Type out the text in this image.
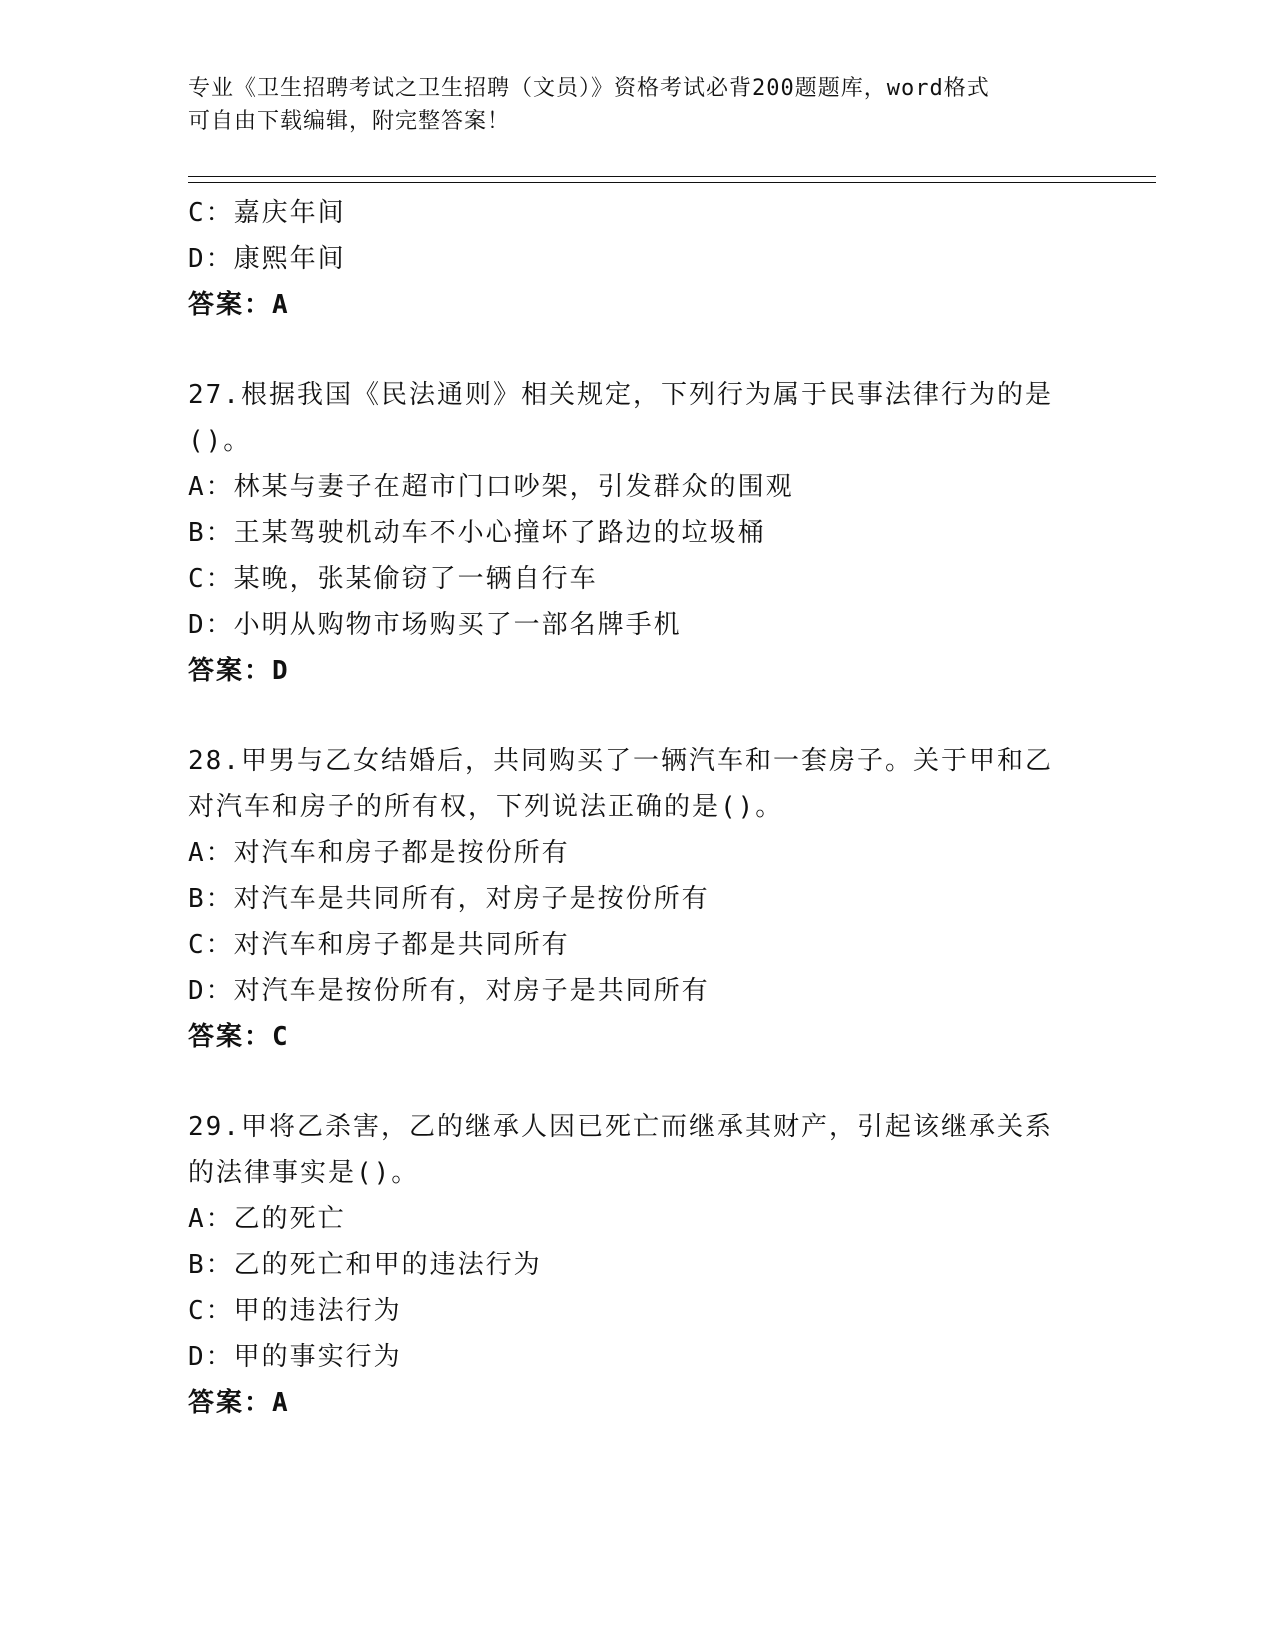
专业《卫生招聘考试之卫生招聘（文员）》资格考试必背200题题库，word格式
可自由下载编辑，附完整答案！
C：嘉庆年间
D：康熙年间
答案：A
27.根据我国《民法通则》相关规定，下列行为属于民事法律行为的是
()。
A：林某与妻子在超市门口吵架，引发群众的围观
B：王某驾驶机动车不小心撞坏了路边的垃圾桶
C：某晚，张某偷窃了一辆自行车
D：小明从购物市场购买了一部名牌手机
答案：D
28.甲男与乙女结婚后，共同购买了一辆汽车和一套房子。关于甲和乙
对汽车和房子的所有权，下列说法正确的是()。
A：对汽车和房子都是按份所有
B：对汽车是共同所有，对房子是按份所有
C：对汽车和房子都是共同所有
D：对汽车是按份所有，对房子是共同所有
答案：C
29.甲将乙杀害，乙的继承人因已死亡而继承其财产，引起该继承关系
的法律事实是()。
A：乙的死亡
B：乙的死亡和甲的违法行为
C：甲的违法行为
D：甲的事实行为
答案：A
